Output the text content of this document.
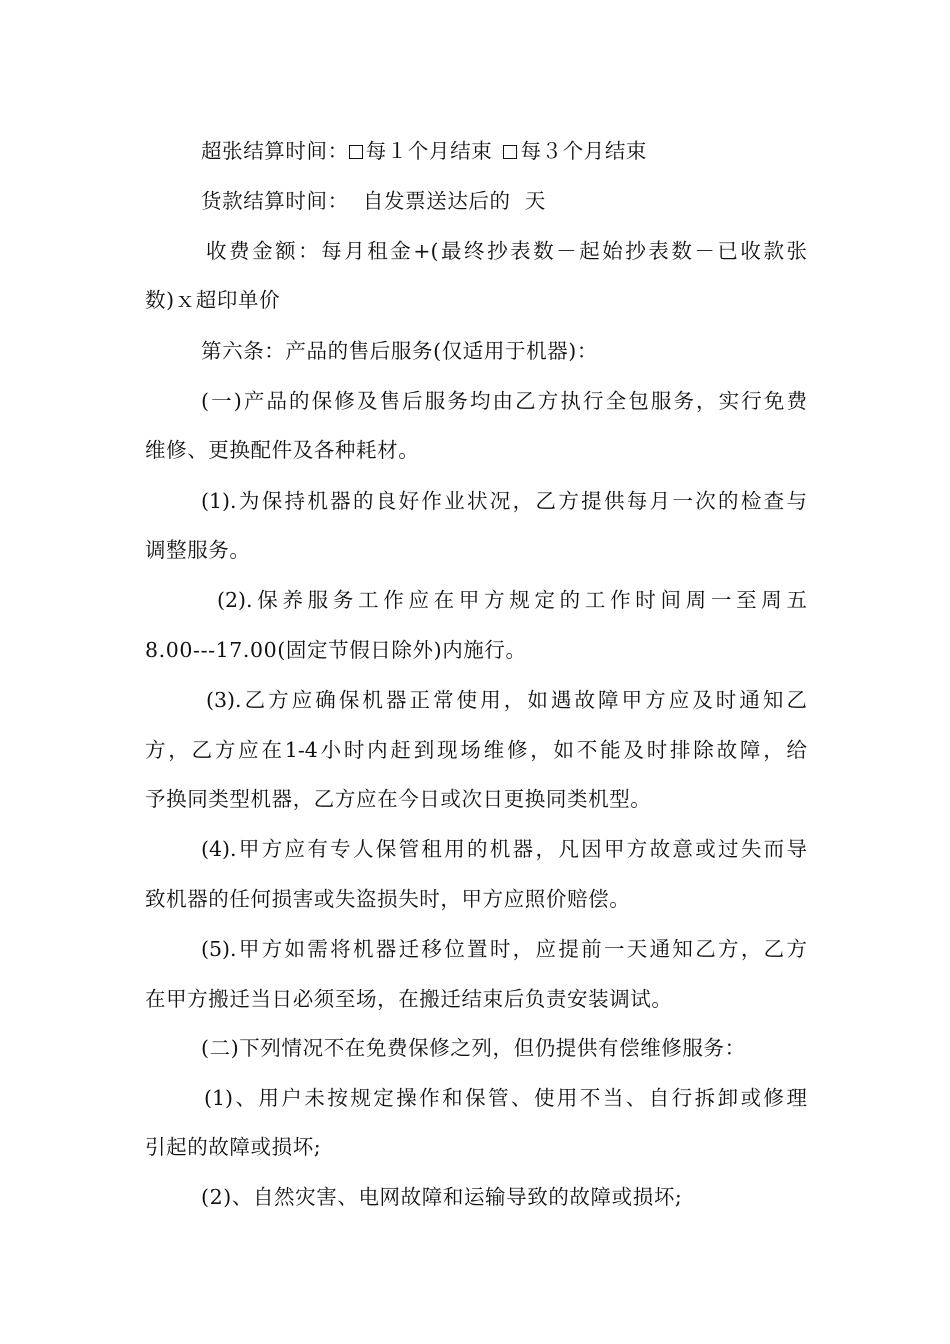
超张结算时间： 每１个月结束 每３个月结束
货款结算时间：  自发票送达后的  天
收费金额：每月租金+(最终抄表数－起始抄表数－已收款张
数)ｘ超印单价
第六条：产品的售后服务(仅适用于机器)：
(一)产品的保修及售后服务均由乙方执行全包服务，实行免费
维修、更换配件及各种耗材。
(1).为保持机器的良好作业状况，乙方提供每月一次的检查与
调整服务。
(2).保养服务工作应在甲方规定的工作时间周一至周五
8.00---17.00(固定节假日除外)内施行。
(3).乙方应确保机器正常使用，如遇故障甲方应及时通知乙
方，乙方应在1-4小时内赶到现场维修，如不能及时排除故障，给
予换同类型机器，乙方应在今日或次日更换同类机型。
(4).甲方应有专人保管租用的机器，凡因甲方故意或过失而导
致机器的任何损害或失盗损失时，甲方应照价赔偿。
(5).甲方如需将机器迁移位置时，应提前一天通知乙方，乙方
在甲方搬迁当日必须至场，在搬迁结束后负责安装调试。
(二)下列情况不在免费保修之列，但仍提供有偿维修服务：
(1)、用户未按规定操作和保管、使用不当、自行拆卸或修理
引起的故障或损坏;
(2)、自然灾害、电网故障和运输导致的故障或损坏;
